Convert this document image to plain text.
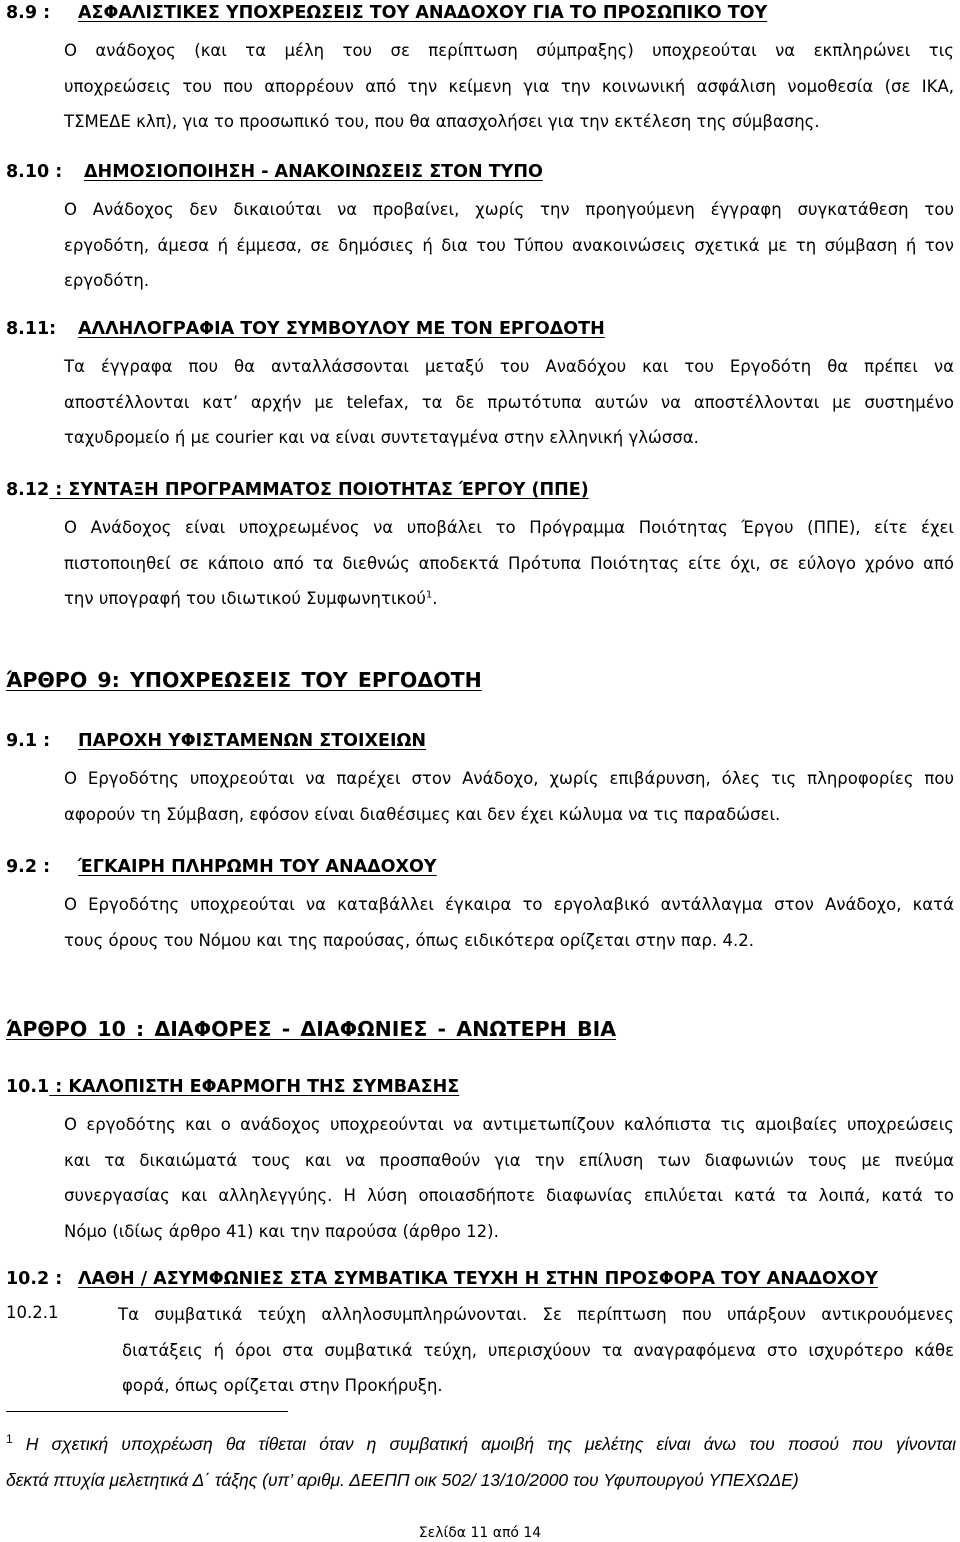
8.9 : ΑΣΦΑΛΙΣΤΙΚΕΣ ΥΠΟΧΡΕΩΣΕΙΣ ΤΟΥ ΑΝΑΔΟΧΟΥ ΓΙΑ ΤΟ ΠΡΟΣΩΠΙΚΟ ΤΟΥ
Ο ανάδοχος (και τα μέλη του σε περίπτωση σύμπραξης) υποχρεούται να εκπληρώνει τις
υποχρεώσεις του που απορρέουν από την κείμενη για την κοινωνική ασφάλιση νομοθεσία (σε ΙΚΑ,
ΤΣΜΕΔΕ κλπ), για το προσωπικό του, που θα απασχολήσει για την εκτέλεση της σύμβασης.
8.10 : ΔΗΜΟΣΙΟΠΟΙΗΣΗ - ΑΝΑΚΟΙΝΩΣΕΙΣ ΣΤΟΝ ΤΥΠΟ
Ο Ανάδοχος δεν δικαιούται να προβαίνει, χωρίς την προηγούμενη έγγραφη συγκατάθεση του
εργοδότη, άμεσα ή έμμεσα, σε δημόσιες ή δια του Τύπου ανακοινώσεις σχετικά με τη σύμβαση ή τον
εργοδότη.
8.11: ΑΛΛΗΛΟΓΡΑΦΙΑ ΤΟΥ ΣΥΜΒΟΥΛΟΥ ΜΕ ΤΟΝ ΕΡΓΟΔΟΤΗ
Τα έγγραφα που θα ανταλλάσσονται μεταξύ του Αναδόχου και του Εργοδότη θα πρέπει να
αποστέλλονται κατ’ αρχήν με telefax, τα δε πρωτότυπα αυτών να αποστέλλονται με συστημένο
ταχυδρομείο ή με courier και να είναι συντεταγμένα στην ελληνική γλώσσα.
8.12 : ΣΥΝΤΑΞΗ ΠΡΟΓΡΑΜΜΑΤΟΣ ΠΟΙΟΤΗΤΑΣ ΈΡΓΟΥ (ΠΠΕ)
Ο Ανάδοχος είναι υποχρεωμένος να υποβάλει το Πρόγραμμα Ποιότητας Έργου (ΠΠΕ), είτε έχει
πιστοποιηθεί σε κάποιο από τα διεθνώς αποδεκτά Πρότυπα Ποιότητας είτε όχι, σε εύλογο χρόνο από
την υπογραφή του ιδιωτικού Συμφωνητικού$^1$.
ΆΡΘΡΟ 9: ΥΠΟΧΡΕΩΣΕΙΣ ΤΟΥ ΕΡΓΟΔΟΤΗ
9.1 : ΠΑΡΟΧΗ ΥΦΙΣΤΑΜΕΝΩΝ ΣΤΟΙΧΕΙΩΝ
Ο Εργοδότης υποχρεούται να παρέχει στον Ανάδοχο, χωρίς επιβάρυνση, όλες τις πληροφορίες που
αφορούν τη Σύμβαση, εφόσον είναι διαθέσιμες και δεν έχει κώλυμα να τις παραδώσει.
9.2 : ΈΓΚΑΙΡΗ ΠΛΗΡΩΜΗ ΤΟΥ ΑΝΑΔΟΧΟΥ
Ο Εργοδότης υποχρεούται να καταβάλλει έγκαιρα το εργολαβικό αντάλλαγμα στον Ανάδοχο, κατά
τους όρους του Νόμου και της παρούσας, όπως ειδικότερα ορίζεται στην παρ. 4.2.
ΆΡΘΡΟ 10 : ΔΙΑΦΟΡΕΣ - ΔΙΑΦΩΝΙΕΣ - ΑΝΩΤΕΡΗ ΒΙΑ
10.1 : ΚΑΛΟΠΙΣΤΗ ΕΦΑΡΜΟΓΗ ΤΗΣ ΣΥΜΒΑΣΗΣ
Ο εργοδότης και ο ανάδοχος υποχρεούνται να αντιμετωπίζουν καλόπιστα τις αμοιβαίες υποχρεώσεις
και τα δικαιώματά τους και να προσπαθούν για την επίλυση των διαφωνιών τους με πνεύμα
συνεργασίας και αλληλεγγύης. Η λύση οποιασδήποτε διαφωνίας επιλύεται κατά τα λοιπά, κατά το
Νόμο (ιδίως άρθρο 41) και την παρούσα (άρθρο 12).
10.2 : ΛΑΘΗ / ΑΣΥΜΦΩΝΙΕΣ ΣΤΑ ΣΥΜΒΑΤΙΚΑ ΤΕΥΧΗ Η ΣΤΗΝ ΠΡΟΣΦΟΡΑ ΤΟΥ ΑΝΑΔΟΧΟΥ
10.2.1	Τα συμβατικά τεύχη αλληλοσυμπληρώνονται. Σε περίπτωση που υπάρξουν αντικρουόμενες
διατάξεις ή όροι στα συμβατικά τεύχη, υπερισχύουν τα αναγραφόμενα στο ισχυρότερο κάθε
φορά, όπως ορίζεται στην Προκήρυξη.
$^1$ Η σχετική υποχρέωση θα τίθεται όταν η συμβατική αμοιβή της μελέτης είναι άνω του ποσού που γίνονται
δεκτά πτυχία μελετητικά Δ΄ τάξης (υπ’ αριθμ. ΔΕΕΠΠ οικ 502/ 13/10/2000 του Υφυπουργού ΥΠΕΧΩΔΕ)
Σελίδα 11 από 14
